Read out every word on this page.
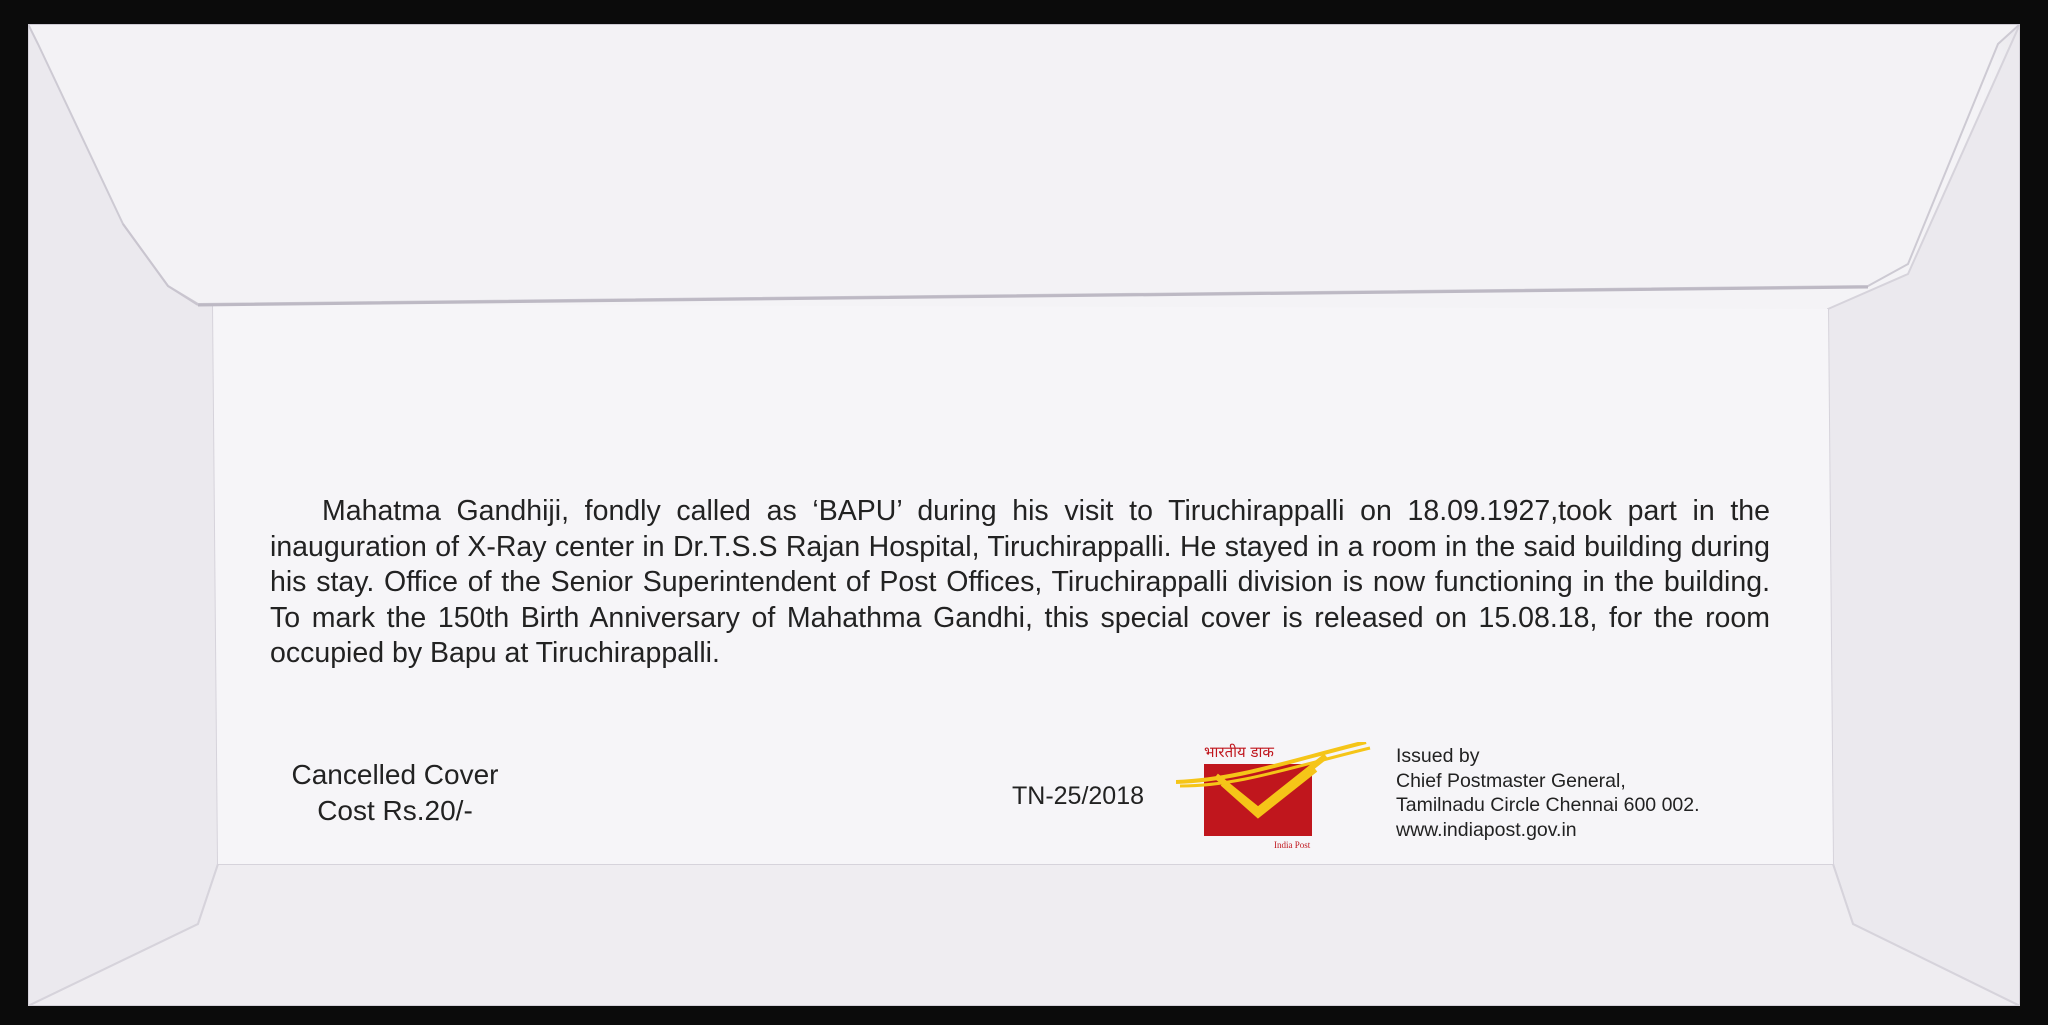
Mahatma Gandhiji, fondly called as ‘BAPU’ during his visit to Tiruchirappalli on 18.09.1927,took part in the inauguration of X-Ray center in Dr.T.S.S Rajan Hospital, Tiruchirappalli. He stayed in a room in the said building during his stay. Office of the Senior Superintendent of Post Offices, Tiruchirappalli division is now functioning in the building. To mark the 150th Birth Anniversary of Mahathma Gandhi, this special cover is released on 15.08.18, for the room occupied by Bapu at Tiruchirappalli.

Cancelled Cover
Cost Rs.20/-	TN-25/2018
भारतीय डाक
India Post
Issued by
Chief Postmaster General,
Tamilnadu Circle Chennai 600 002.
www.indiapost.gov.in
